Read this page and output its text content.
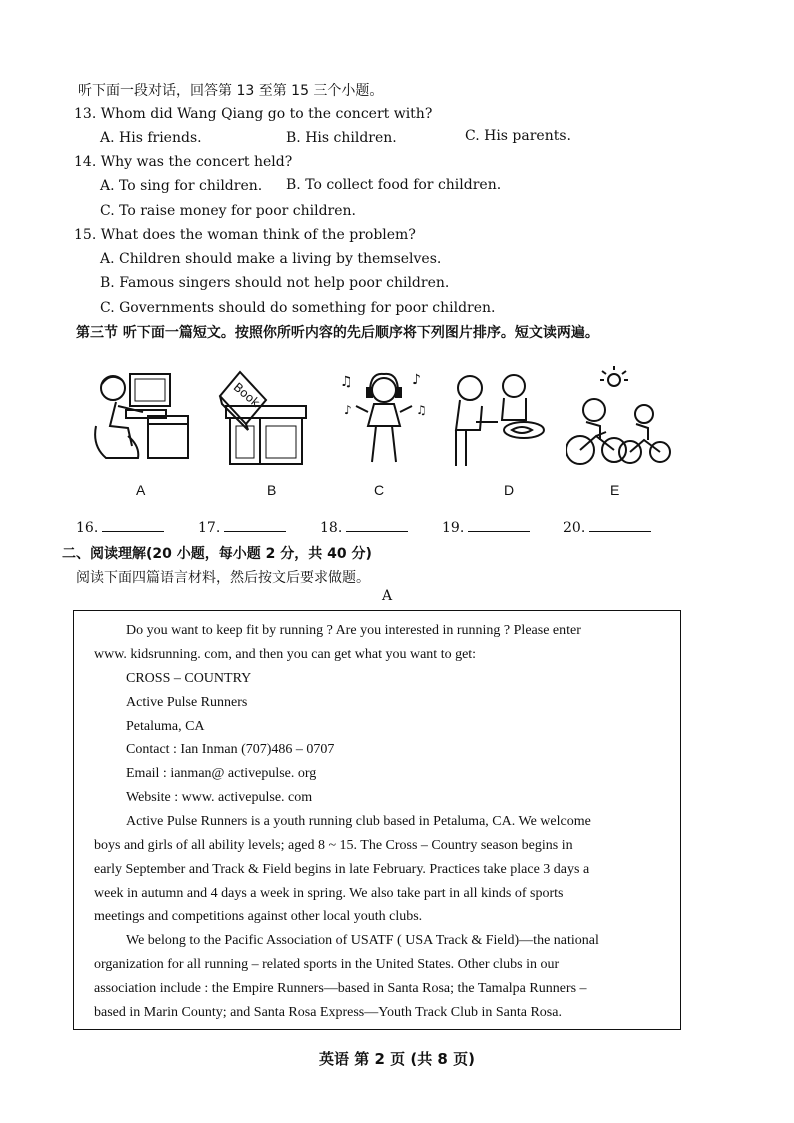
听下面一段对话，回答第 13 至第 15 三个小题。
13. Whom did Wang Qiang go to the concert with?
A. His friends.	B. His children.	C. His parents.
14. Why was the concert held?
A. To sing for children. B. To collect food for children.
C. To raise money for poor children.
15. What does the woman think of the problem?
A. Children should make a living by themselves.
B. Famous singers should not help poor children.
C. Governments should do something for poor children.
第三节 听下面一篇短文。按照你所听内容的先后顺序将下列图片排序。短文读两遍。
Book	♫	♪
♪	♫
A	B	C	D	E
16.	17.	18.	19.	20.
二、阅读理解(20 小题，每小题 2 分，共 40 分)
阅读下面四篇语言材料，然后按文后要求做题。
A
Do you want to keep fit by running ? Are you interested in running ? Please enter
www. kidsrunning. com, and then you can get what you want to get:
CROSS – COUNTRY
Active Pulse Runners
Petaluma, CA
Contact : Ian Inman (707)486 – 0707
Email : ianman@ activepulse. org
Website : www. activepulse. com
Active Pulse Runners is a youth running club based in Petaluma, CA. We welcome
boys and girls of all ability levels; aged 8 ~ 15. The Cross – Country season begins in
early September and Track & Field begins in late February. Practices take place 3 days a
week in autumn and 4 days a week in spring. We also take part in all kinds of sports
meetings and competitions against other local youth clubs.
We belong to the Pacific Association of USATF ( USA Track & Field)—the national
organization for all running – related sports in the United States. Other clubs in our
association include : the Empire Runners—based in Santa Rosa; the Tamalpa Runners –
based in Marin County; and Santa Rosa Express—Youth Track Club in Santa Rosa.
英语 第 2 页 (共 8 页)
